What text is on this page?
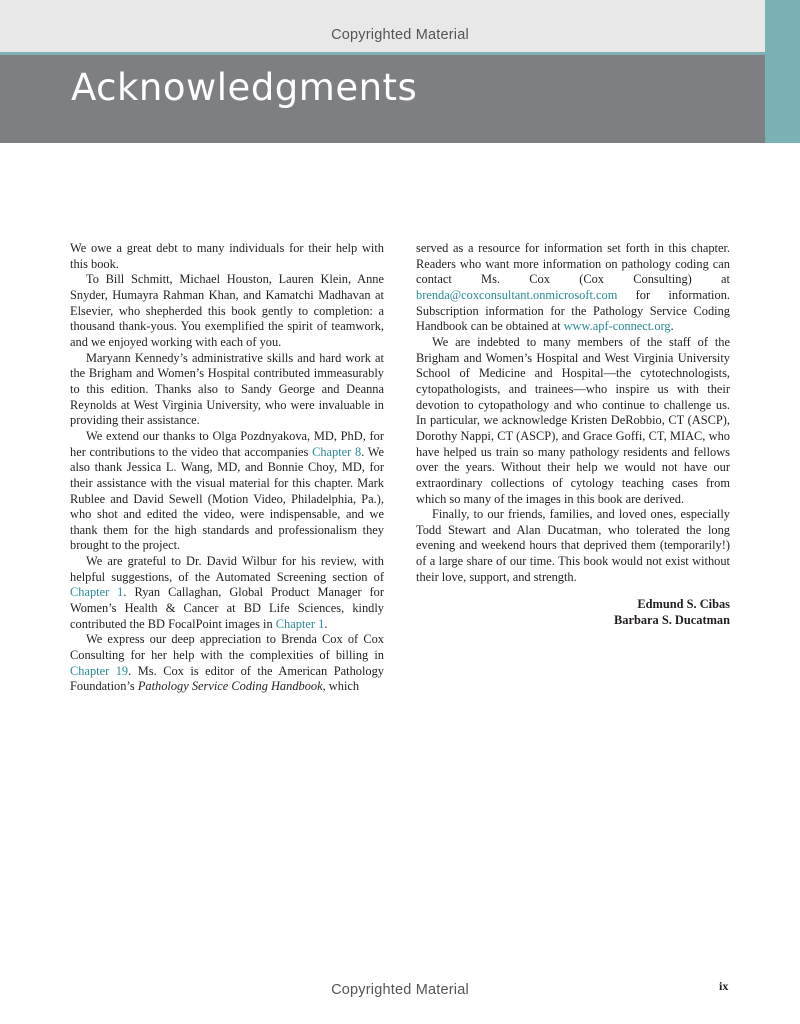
Copyrighted Material
Acknowledgments

We owe a great debt to many individuals for their help with this book.

To Bill Schmitt, Michael Houston, Lauren Klein, Anne Snyder, Humayra Rahman Khan, and Kamatchi Madhavan at Elsevier, who shepherded this book gently to completion: a thousand thank-yous. You exemplified the spirit of teamwork, and we enjoyed working with each of you.

Maryann Kennedy’s administrative skills and hard work at the Brigham and Women’s Hospital contributed immeasurably to this edition. Thanks also to Sandy George and Deanna Reynolds at West Virginia University, who were invaluable in providing their assistance.

We extend our thanks to Olga Pozdnyakova, MD, PhD, for her contributions to the video that accompanies Chapter 8. We also thank Jessica L. Wang, MD, and Bonnie Choy, MD, for their assistance with the visual material for this chapter. Mark Rublee and David Sewell (Motion Video, Philadelphia, Pa.), who shot and edited the video, were indispensable, and we thank them for the high standards and professionalism they brought to the project.

We are grateful to Dr. David Wilbur for his review, with helpful suggestions, of the Automated Screening section of Chapter 1. Ryan Callaghan, Global Product Manager for Women’s Health & Cancer at BD Life Sciences, kindly contributed the BD FocalPoint images in Chapter 1.

We express our deep appreciation to Brenda Cox of Cox Consulting for her help with the complexities of billing in Chapter 19. Ms. Cox is editor of the American Pathology Foundation’s Pathology Service Coding Handbook, which

served as a resource for information set forth in this chapter. Readers who want more information on pathology coding can contact Ms. Cox (Cox Consulting) at brenda@coxconsultant.onmicrosoft.com for information. Subscription information for the Pathology Service Coding Handbook can be obtained at www.apf-connect.org.

We are indebted to many members of the staff of the Brigham and Women’s Hospital and West Virginia University School of Medicine and Hospital—the cytotechnologists, cytopathologists, and trainees—who inspire us with their devotion to cytopathology and who continue to challenge us. In particular, we acknowledge Kristen DeRobbio, CT (ASCP), Dorothy Nappi, CT (ASCP), and Grace Goffi, CT, MIAC, who have helped us train so many pathology residents and fellows over the years. Without their help we would not have our extraordinary collections of cytology teaching cases from which so many of the images in this book are derived.

Finally, to our friends, families, and loved ones, especially Todd Stewart and Alan Ducatman, who tolerated the long evening and weekend hours that deprived them (temporarily!) of a large share of our time. This book would not exist without their love, support, and strength.

Edmund S. Cibas
Barbara S. Ducatman
Copyrighted Material	ix
